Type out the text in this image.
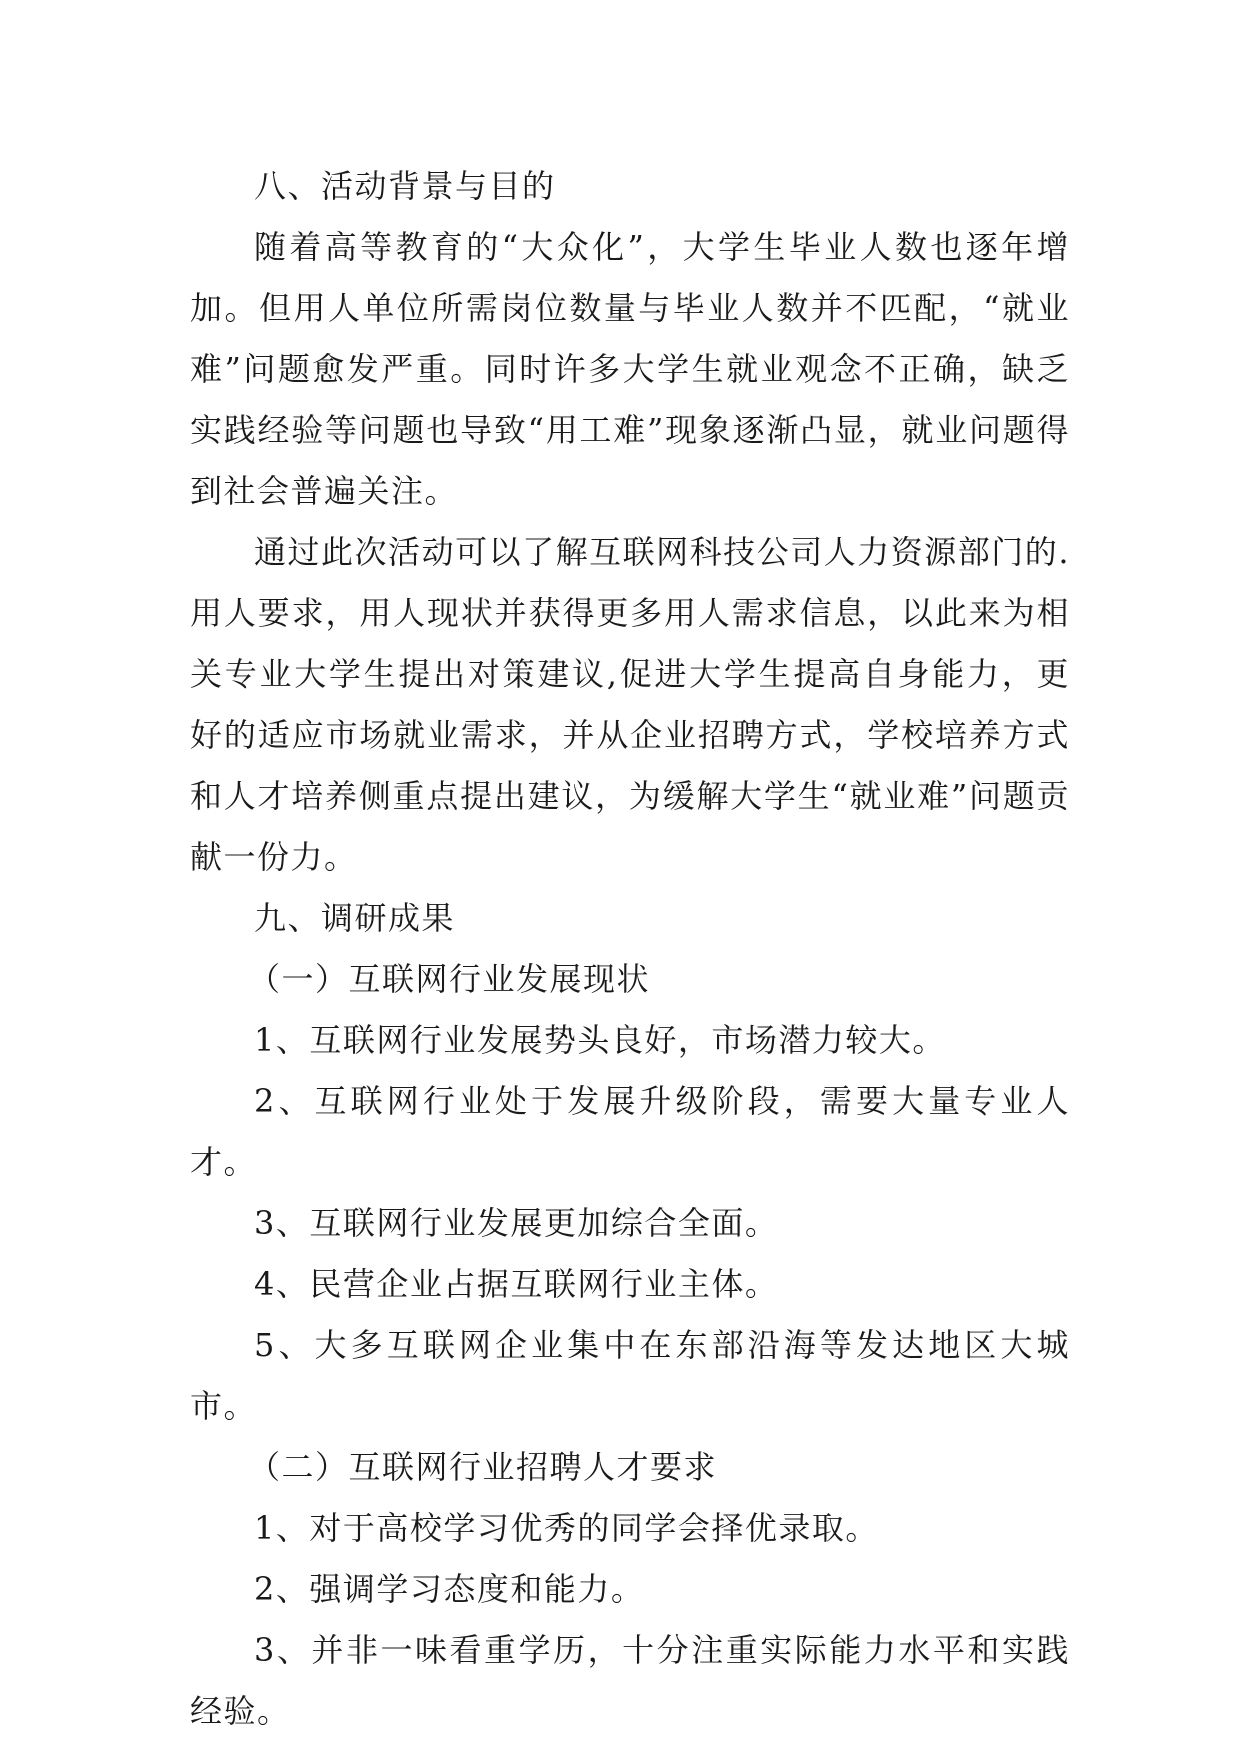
八、活动背景与目的

随着高等教育的“大众化”，大学生毕业人数也逐年增加。但用人单位所需岗位数量与毕业人数并不匹配，“就业难”问题愈发严重。同时许多大学生就业观念不正确，缺乏实践经验等问题也导致“用工难”现象逐渐凸显，就业问题得到社会普遍关注。

通过此次活动可以了解互联网科技公司人力资源部门的.用人要求，用人现状并获得更多用人需求信息，以此来为相关专业大学生提出对策建议,促进大学生提高自身能力，更好的适应市场就业需求，并从企业招聘方式，学校培养方式和人才培养侧重点提出建议，为缓解大学生“就业难”问题贡献一份力。

九、调研成果

（一）互联网行业发展现状

1、互联网行业发展势头良好，市场潜力较大。

2、互联网行业处于发展升级阶段，需要大量专业人才。

3、互联网行业发展更加综合全面。

4、民营企业占据互联网行业主体。

5、大多互联网企业集中在东部沿海等发达地区大城市。

（二）互联网行业招聘人才要求

1、对于高校学习优秀的同学会择优录取。

2、强调学习态度和能力。

3、并非一味看重学历，十分注重实际能力水平和实践经验。
